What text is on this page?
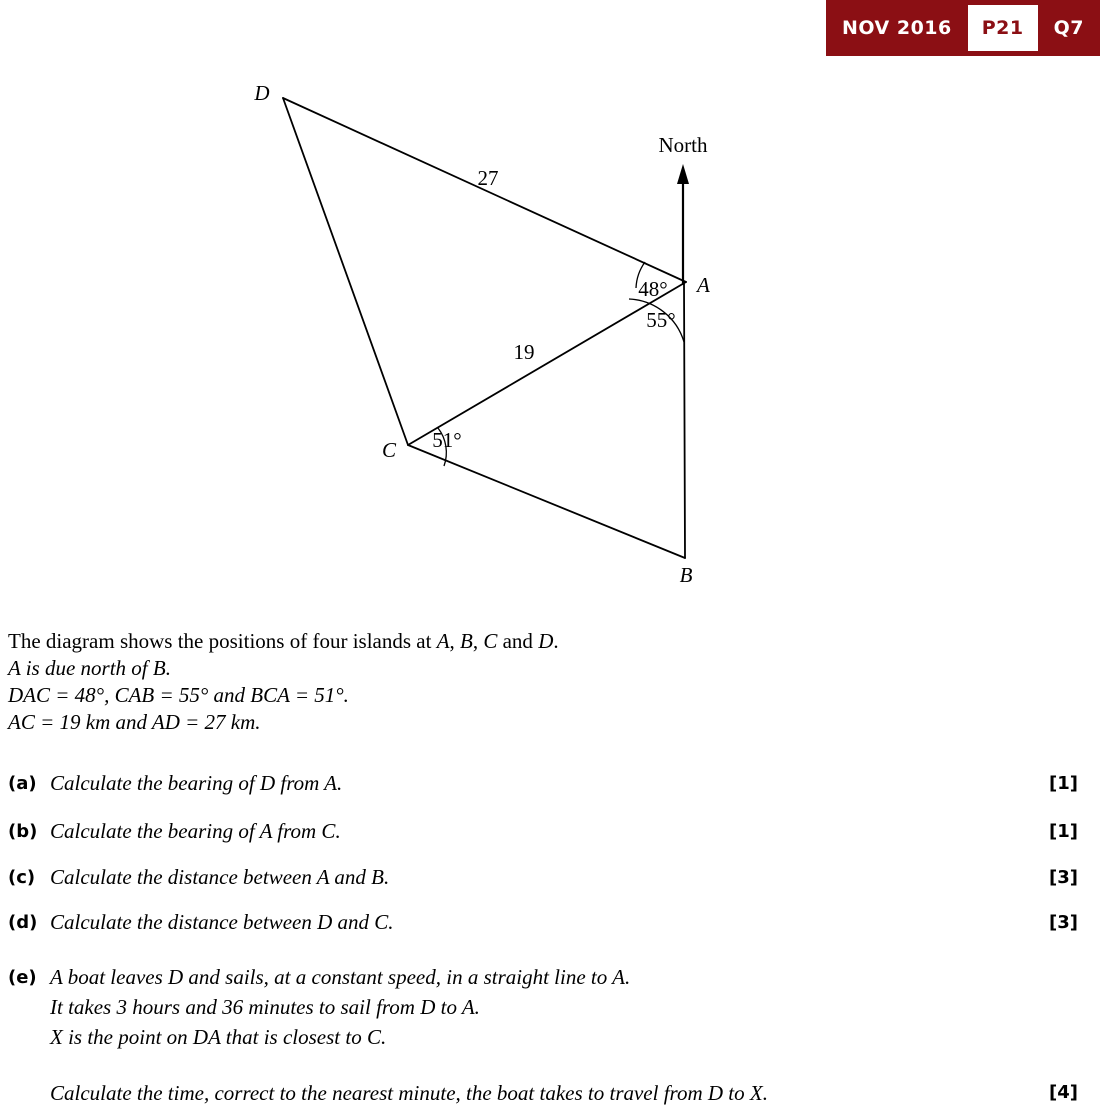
NOV 2016	P21	Q7
D
A
B
C
North
27
19
48°
55°
51°
The diagram shows the positions of four islands at A, B, C and D.
A is due north of B.
DAC = 48°, CAB = 55° and BCA = 51°.
AC = 19 km and AD = 27 km.
(a) Calculate the bearing of D from A.	[1]
(b) Calculate the bearing of A from C.	[1]
(c) Calculate the distance between A and B.	[3]
(d) Calculate the distance between D and C.	[3]
(e) A boat leaves D and sails, at a constant speed, in a straight line to A.
It takes 3 hours and 36 minutes to sail from D to A.
X is the point on DA that is closest to C.
Calculate the time, correct to the nearest minute, the boat takes to travel from D to X.	[4]
